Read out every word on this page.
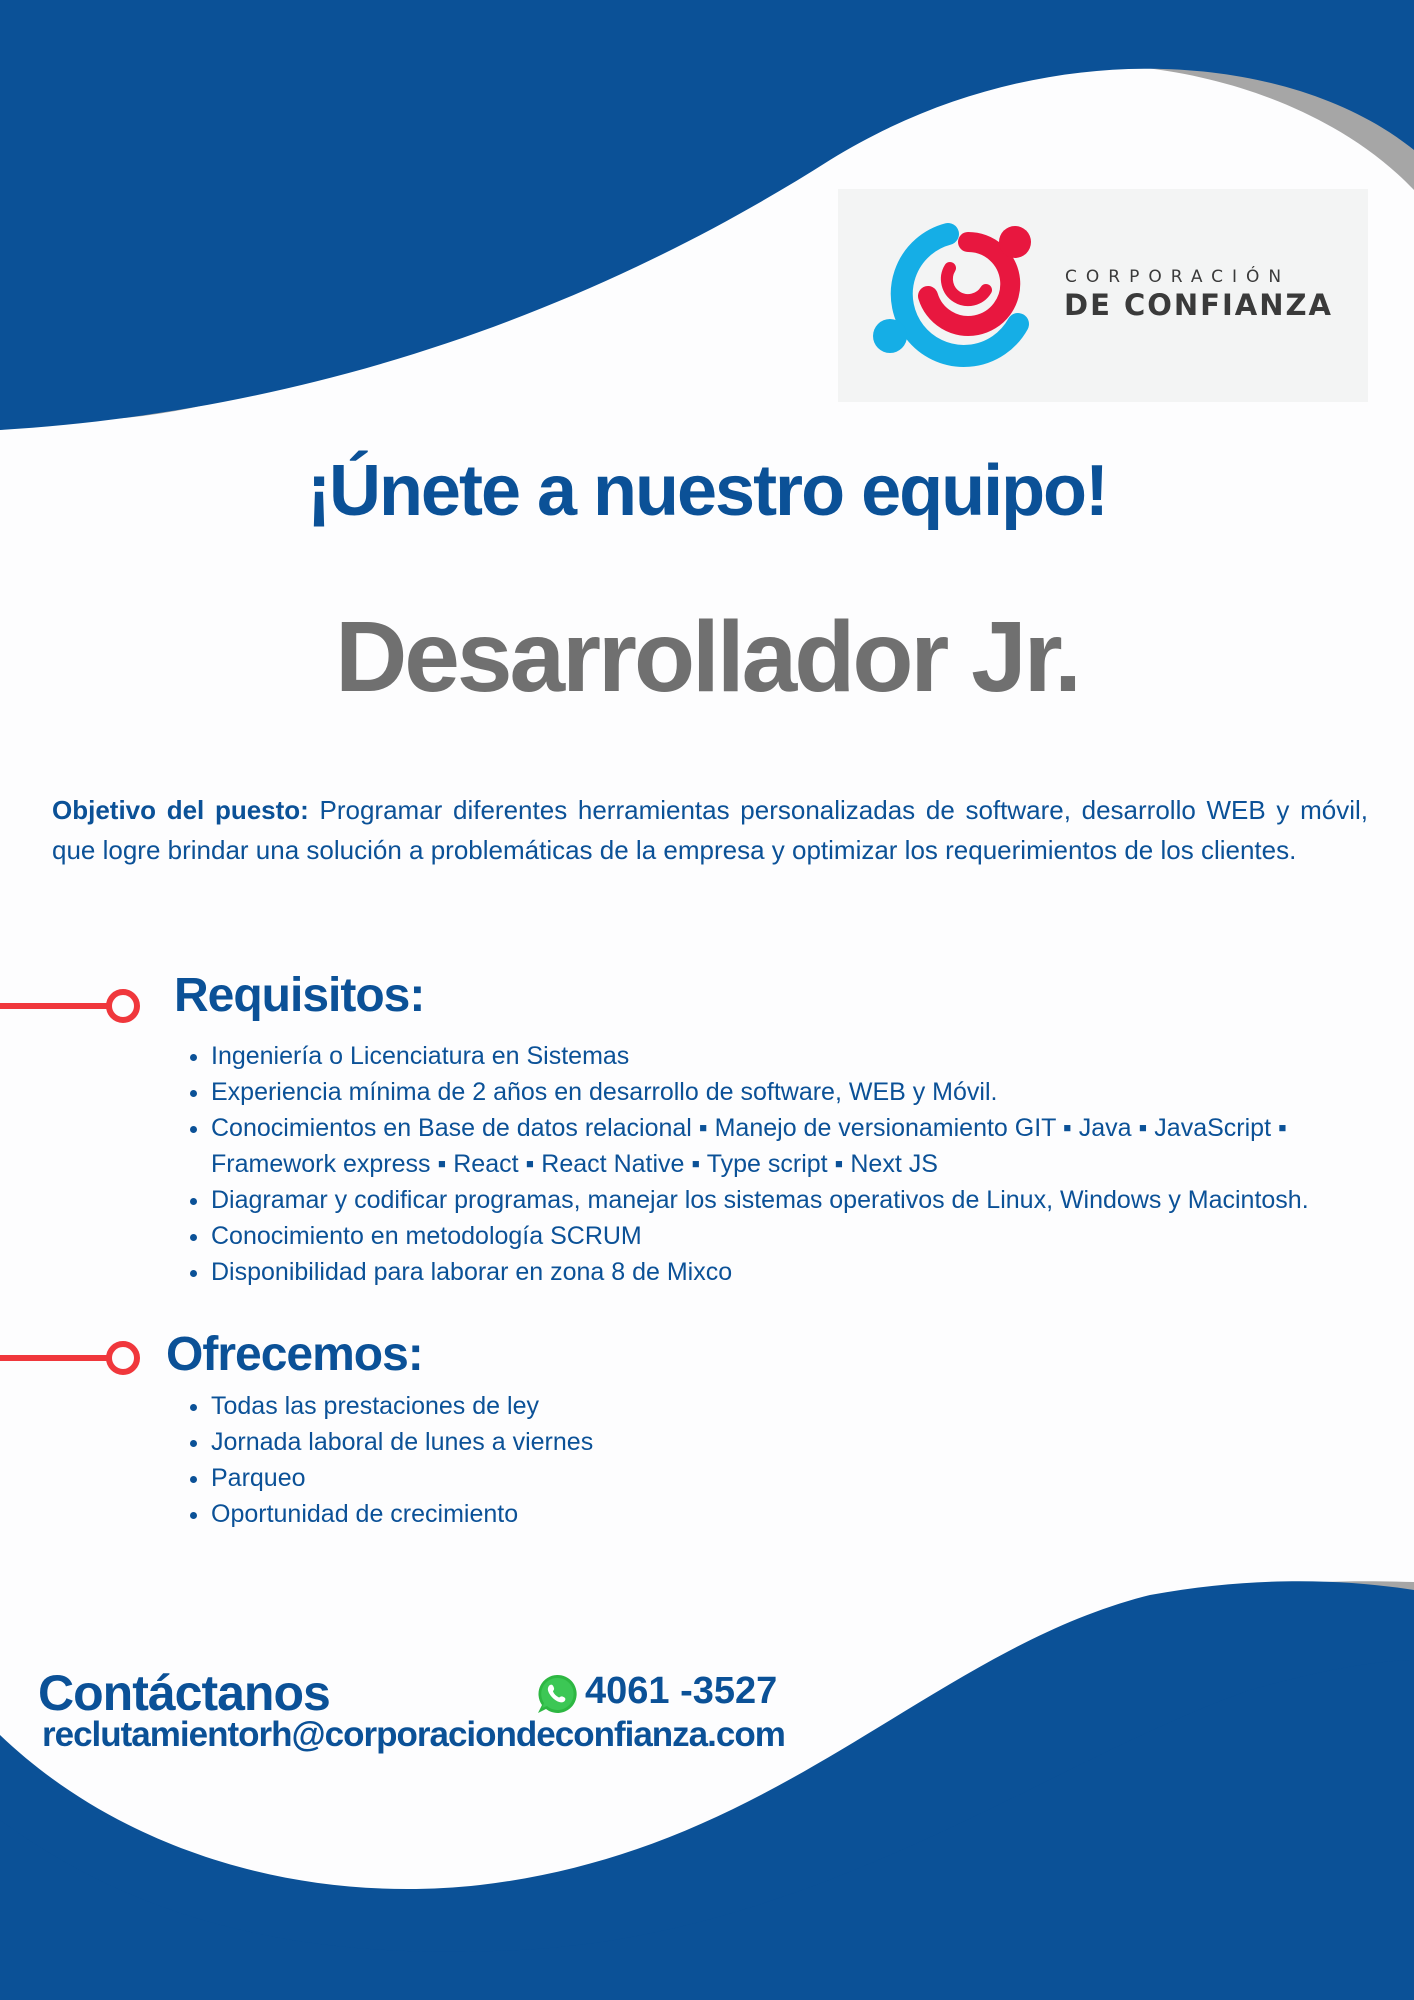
CORPORACIÓN
DE CONFIANZA
¡Únete a nuestro equipo!
Desarrollador Jr.
Objetivo del puesto: Programar diferentes herramientas personalizadas de software, desarrollo WEB y móvil, que logre brindar una solución a problemáticas de la empresa y optimizar los requerimientos de los clientes.
Requisitos:
• Ingeniería o Licenciatura en Sistemas
• Experiencia mínima de 2 años en desarrollo de software, WEB y Móvil.
• Conocimientos en Base de datos relacional ▪ Manejo de versionamiento GIT ▪ Java ▪ JavaScript ▪ Framework express ▪ React ▪ React Native ▪ Type script ▪ Next JS
• Diagramar y codificar programas, manejar los sistemas operativos de Linux, Windows y Macintosh.
• Conocimiento en metodología SCRUM
• Disponibilidad para laborar en zona 8 de Mixco
Ofrecemos:
• Todas las prestaciones de ley
• Jornada laboral de lunes a viernes
• Parqueo
• Oportunidad de crecimiento
Contáctanos	4061 -3527
reclutamientorh@corporaciondeconfianza.com
